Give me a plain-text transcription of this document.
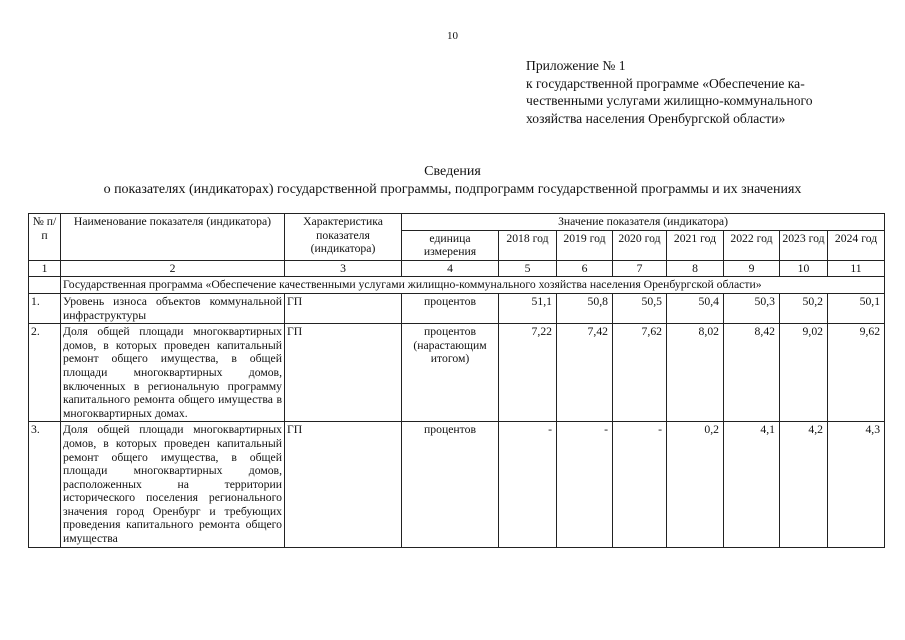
10
Приложение № 1
к государственной программе «Обеспечение ка-
чественными услугами жилищно-коммунального
хозяйства населения Оренбургской области»
Сведения
о показателях (индикаторах) государственной программы, подпрограмм государственной программы и их значениях
№ п/п	Наименование показателя (индикатора)	Характеристика показателя (индикатора)	Значение показателя (индикатора)							
			единица измерения	2018 год	2019 год	2020 год	2021 год	2022 год	2023 год	2024 год
1	2	3	4	5	6	7	8	9	10	11
	Государственная программа «Обеспечение качественными услугами жилищно-коммунального хозяйства населения Оренбургской области»									
1.	Уровень износа объектов коммунальной инфраструктуры	ГП	процентов	51,1	50,8	50,5	50,4	50,3	50,2	50,1
2.	Доля общей площади многоквартирных домов, в которых проведен капитальный ремонт общего имущества, в общей площади многоквартирных домов, включенных в региональную программу капитального ремонта общего имущества в многоквартирных домах.	ГП	процентов (нарастающим итогом)	7,22	7,42	7,62	8,02	8,42	9,02	9,62
3.	Доля общей площади многоквартирных домов, в которых проведен капитальный ремонт общего имущества, в общей площади многоквартирных домов, расположенных на территории исторического поселения регионального значения город Оренбург и требующих проведения капитального ремонта общего имущества	ГП	процентов	-	-	-	0,2	4,1	4,2	4,3
